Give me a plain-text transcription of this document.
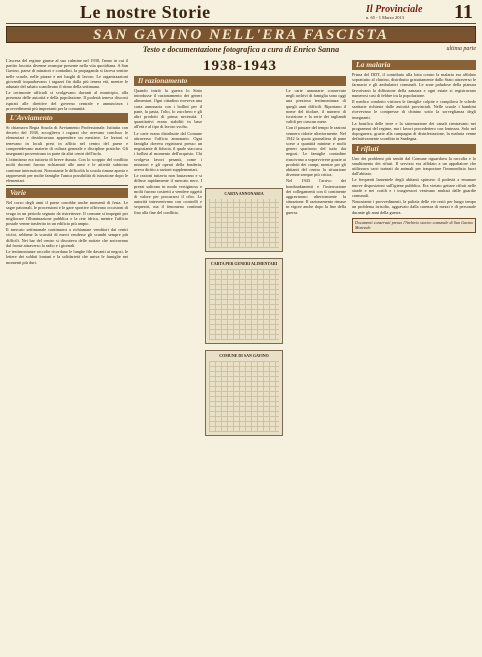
Le nostre Storie	Il Provinciale
n. 65 - 1 Marzo 2013	11
SAN GAVINO NELL'ERA FASCISTA
Testo e documentazione fotografica a cura di Enrico Sanna	ultima parte

L'ascesa del regime giunse al suo culmine nel 1938, l'anno in cui il partito fascista divenne ovunque presente nella vita quotidiana. A San Gavino, paese di minatori e contadini, la propaganda si faceva sentire nelle scuole, nelle piazze e nei luoghi di lavoro. Le organizzazioni giovanili inquadravano i ragazzi fin dalla più tenera età, mentre le adunate del sabato scandivano il ritmo della settimana.

Le cerimonie ufficiali si svolgevano davanti al municipio, alla presenza delle autorità e della popolazione. Il podestà teneva discorsi ispirati alle direttive del governo centrale e annunciava i provvedimenti più importanti per la comunità.

L'Avviamento

Si chiamava Regia Scuola di Avviamento Professionale. Istituita con decreto del 1938, accoglieva i ragazzi che avevano concluso le elementari e desideravano apprendere un mestiere. Le lezioni si tenevano in locali presi in affitto nel centro del paese e comprendevano materie di cultura generale e discipline pratiche. Gli insegnanti provenivano in parte da altri centri dell'isola.

L'ottimismo era tuttavia di breve durata. Con lo scoppio del conflitto molti docenti furono richiamati alle armi e le attività subirono continue interruzioni. Nonostante le difficoltà la scuola rimase aperta e rappresentò per molte famiglie l'unica possibilità di istruzione dopo le elementari.

Varie

Nel corso degli anni il paese conobbe anche momenti di festa. Le sagre patronali, le processioni e le gare sportive offrivano occasioni di svago in un periodo segnato da ristrettezze. Il comune si impegnò per migliorare l'illuminazione pubblica e la rete idrica, mentre l'ufficio postale venne trasferito in un edificio più ampio.

Il mercato settimanale continuava a richiamare venditori dai centri vicini, sebbene la scarsità di merci rendesse gli scambi sempre più difficili. Nei bar del centro si discuteva delle notizie che arrivavano dal fronte attraverso la radio e i giornali.

Le testimonianze raccolte ricordano le lunghe file davanti ai negozi, le lettere dei soldati lontani e la solidarietà che univa le famiglie nei momenti più duri.

1938-1943
Il razionamento

Quando iniziò la guerra lo Stato introdusse il razionamento dei generi alimentari. Ogni cittadino riceveva una carta annonaria con i bollini per il pane, la pasta, l'olio, lo zucchero e gli altri prodotti di prima necessità. I quantitativi erano stabiliti in base all'età e al tipo di lavoro svolto.

Le carte erano distribuite dal Comune attraverso l'ufficio annonario. Ogni famiglia doveva registrarsi presso un negoziante di fiducia, il quale staccava i bollini al momento dell'acquisto. Chi svolgeva lavori pesanti, come i minatori e gli operai della fonderia, aveva diritto a razioni supplementari.

Le razioni tuttavia non bastavano e si diffuse rapidamente il mercato nero. I prezzi salirono in modo vertiginoso e molti furono costretti a vendere oggetti di valore per procurarsi il cibo. Le autorità intervenivano con controlli e sequestri, ma il fenomeno continuò fino alla fine del conflitto.

Le carte annonarie conservate negli archivi di famiglia sono oggi una preziosa testimonianza di quegli anni difficili. Riportano il nome del titolare, il numero di iscrizione e la serie dei tagliandi validi per ciascun mese.

Con il passare del tempo le razioni vennero ridotte ulteriormente. Nel 1942 la quota giornaliera di pane scese a quantità minime e molti generi sparirono del tutto dai negozi. Le famiglie contadine riuscivano a sopravvivere grazie ai prodotti dei campi, mentre per gli abitanti del centro la situazione divenne sempre più critica.

Nel 1943 l'arrivo dei bombardamenti e l'interruzione dei collegamenti con il continente aggravarono ulteriormente la situazione. Il razionamento rimase in vigore anche dopo la fine della guerra.

CARTA ANNONARIA
CARTA PER GENERI ALIMENTARI
COMUNE DI SAN GAVINO
La malaria

Prima del DDT, il contributo alla lotta contro la malaria era affidato soprattutto al chinino, distribuito gratuitamente dallo Stato attraverso le farmacie e gli ambulatori comunali. Le zone paludose della pianura favorivano la diffusione della zanzara e ogni estate si registravano numerosi casi di febbre tra la popolazione.

Il medico condotto visitava le famiglie colpite e compilava le schede sanitarie richieste dalle autorità provinciali. Nelle scuole i bambini ricevevano le compresse di chinino sotto la sorveglianza degli insegnanti.

La bonifica delle terre e la sistemazione dei canali rientravano nei programmi del regime, ma i lavori procedettero con lentezza. Solo nel dopoguerra, grazie alla campagna di disinfestazione, la malaria venne definitivamente sconfitta in Sardegna.

I rifiuti

Uno dei problemi più sentiti dal Comune riguardava la raccolta e lo smaltimento dei rifiuti. Il servizio era affidato a un appaltatore che utilizzava carri trainati da animali per trasportare l'immondizia fuori dall'abitato.

Le frequenti lamentele degli abitanti spinsero il podestà a emanare nuove disposizioni sull'igiene pubblica. Era vietato gettare rifiuti nelle strade e nei cortili e i trasgressori venivano multati dalle guardie comunali.

Nonostante i provvedimenti, la pulizia delle vie restò per lungo tempo un problema irrisolto, aggravato dalla carenza di mezzi e di personale durante gli anni della guerra.

Documenti conservati presso l'Archivio storico comunale di San Gavino Monreale.
